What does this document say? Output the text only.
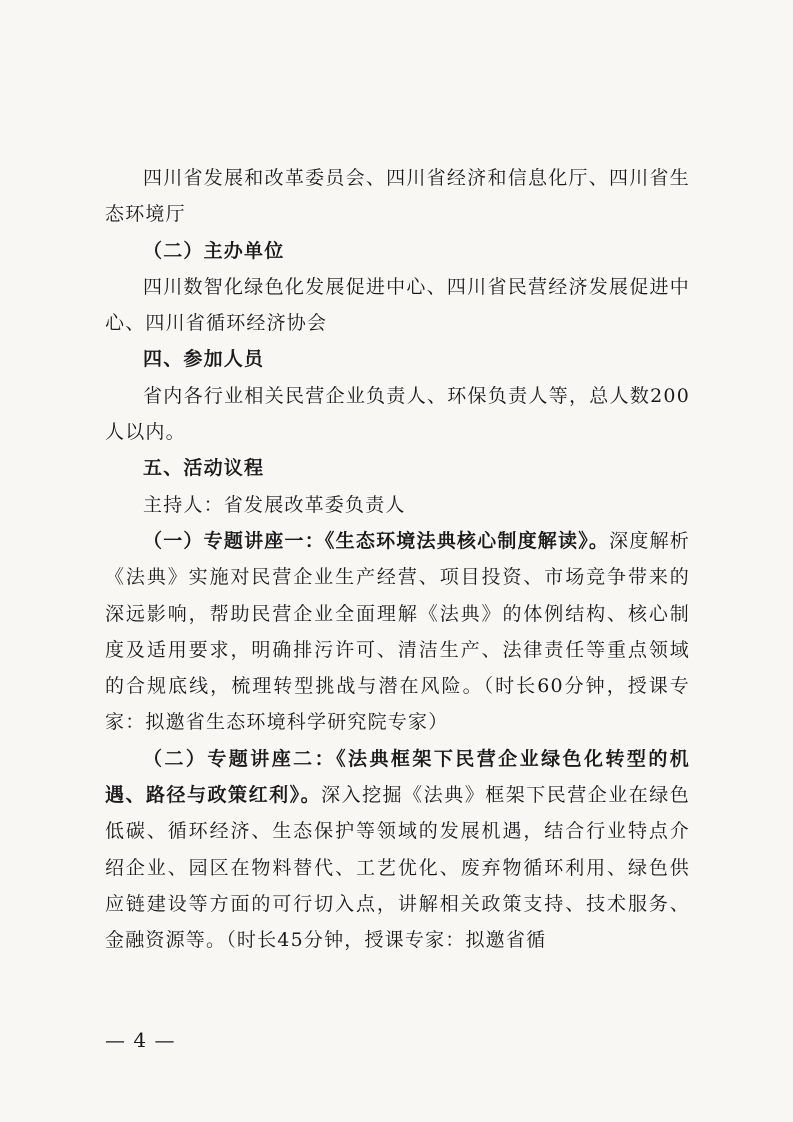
四川省发展和改革委员会、四川省经济和信息化厅、四川省生态环境厅

（二）主办单位

四川数智化绿色化发展促进中心、四川省民营经济发展促进中心、四川省循环经济协会

四、参加人员

省内各行业相关民营企业负责人、环保负责人等，总人数200人以内。

五、活动议程

主持人：省发展改革委负责人

（一）专题讲座一：《生态环境法典核心制度解读》。深度解析《法典》实施对民营企业生产经营、项目投资、市场竞争带来的深远影响，帮助民营企业全面理解《法典》的体例结构、核心制度及适用要求，明确排污许可、清洁生产、法律责任等重点领域的合规底线，梳理转型挑战与潜在风险。（时长60分钟，授课专家：拟邀省生态环境科学研究院专家）

（二）专题讲座二：《法典框架下民营企业绿色化转型的机遇、路径与政策红利》。深入挖掘《法典》框架下民营企业在绿色低碳、循环经济、生态保护等领域的发展机遇，结合行业特点介绍企业、园区在物料替代、工艺优化、废弃物循环利用、绿色供应链建设等方面的可行切入点，讲解相关政策支持、技术服务、金融资源等。（时长45分钟，授课专家：拟邀省循

— 4 —
